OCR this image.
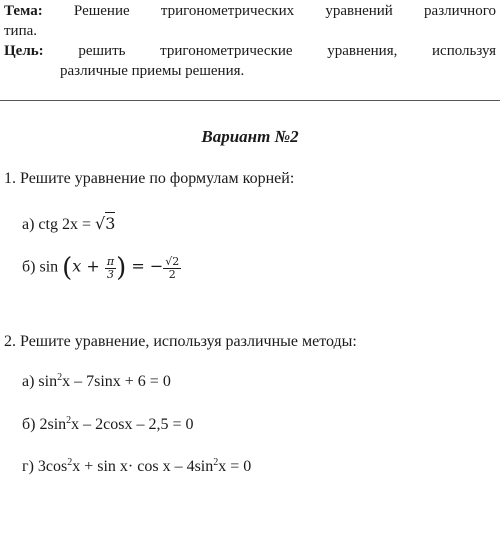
Тема: Решение тригонометрических уравнений различного
типа.
Цель: решить тригонометрические уравнения, используя
различные приемы решения.
Вариант №2
1. Решите уравнение по формулам корней:
а) ctg 2x = √3
б) $\sin (x + \frac{\pi}{3}$ ) = − $\frac{√2}{2}$
2. Решите уравнение, используя различные методы:
а) $\sin^2x - 7\sin x + 6 = 0$
б) $2\sin^2x - 2\cos x - 2,5 = 0$
г) $3\cos^2x + \sin x\cdot \cos x - 4\sin^2x = 0$
